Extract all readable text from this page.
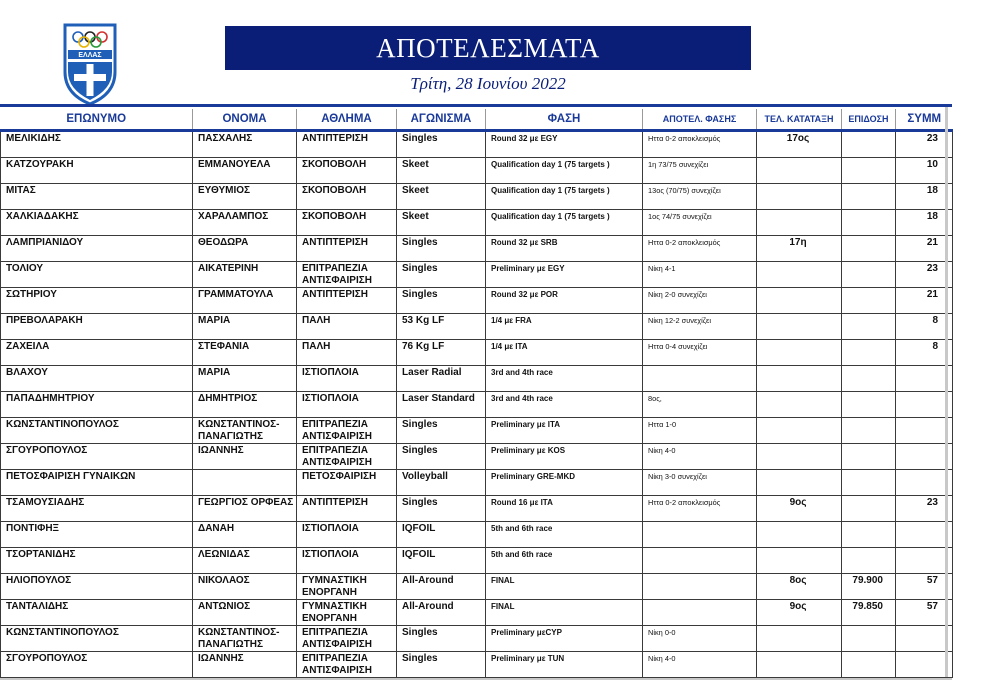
ΕΛΛΑΣ	ΑΠΟΤΕΛΕΣΜΑΤΑ
Τρίτη, 28 Ιουνίου 2022
ΕΠΩΝΥΜΟ	ΟΝΟΜΑ	ΑΘΛΗΜΑ	ΑΓΩΝΙΣΜΑ	ΦΑΣΗ	ΑΠΟΤΕΛ. ΦΑΣΗΣ	ΤΕΛ. ΚΑΤΑΤΑΞΗ	ΕΠΙΔΟΣΗ	ΣΥΜΜ
ΜΕΛΙΚΙΔΗΣ	ΠΑΣΧΑΛΗΣ	ΑΝΤΙΠΤΕΡΙΣΗ	Singles	Round 32 με EGY	Ηττα 0-2 αποκλεισμός	17ος		23
ΚΑΤΖΟΥΡΑΚΗ	ΕΜΜΑΝΟΥΕΛΑ	ΣΚΟΠΟΒΟΛΗ	Skeet	Qualification day 1 (75 targets )	1η 73/75 συνεχίζει			10
ΜΙΤΑΣ	ΕΥΘΥΜΙΟΣ	ΣΚΟΠΟΒΟΛΗ	Skeet	Qualification day 1 (75 targets )	13ος (70/75) συνεχίζει			18
ΧΑΛΚΙΑΔΑΚΗΣ	ΧΑΡΑΛΑΜΠΟΣ	ΣΚΟΠΟΒΟΛΗ	Skeet	Qualification day 1 (75 targets )	1ος 74/75 συνεχίζει			18
ΛΑΜΠΡΙΑΝΙΔΟΥ	ΘΕΟΔΩΡΑ	ΑΝΤΙΠΤΕΡΙΣΗ	Singles	Round 32 με SRB	Ηττα 0-2 αποκλεισμός	17η		21
ΤΟΛΙΟΥ	ΑΙΚΑΤΕΡΙΝΗ	ΕΠΙΤΡΑΠΕΖΙΑ ΑΝΤΙΣΦΑΙΡΙΣΗ	Singles	Preliminary με EGY	Νίκη 4-1			23
ΣΩΤΗΡΙΟΥ	ΓΡΑΜΜΑΤΟΥΛΑ	ΑΝΤΙΠΤΕΡΙΣΗ	Singles	Round 32 με POR	Νίκη 2-0 συνεχίζει			21
ΠΡΕΒΟΛΑΡΑΚΗ	ΜΑΡΙΑ	ΠΑΛΗ	53 Kg LF	1/4 με FRA	Νίκη 12-2 συνεχίζει			8
ΖΑΧΕΙΛΑ	ΣΤΕΦΑΝΙΑ	ΠΑΛΗ	76 Kg LF	1/4 με ITA	Ηττα 0-4 συνεχίζει			8
ΒΛΑΧΟΥ	ΜΑΡΙΑ	ΙΣΤΙΟΠΛΟΙΑ	Laser Radial	3rd and 4th race				
ΠΑΠΑΔΗΜΗΤΡΙΟΥ	ΔΗΜΗΤΡΙΟΣ	ΙΣΤΙΟΠΛΟΙΑ	Laser Standard	3rd and 4th race	8ος,			
ΚΩΝΣΤΑΝΤΙΝΟΠΟΥΛΟΣ	ΚΩΝΣΤΑΝΤΙΝΟΣ-ΠΑΝΑΓΙΩΤΗΣ	ΕΠΙΤΡΑΠΕΖΙΑ ΑΝΤΙΣΦΑΙΡΙΣΗ	Singles	Preliminary με ITA	Ηττα 1-0			
ΣΓΟΥΡΟΠΟΥΛΟΣ	ΙΩΑΝΝΗΣ	ΕΠΙΤΡΑΠΕΖΙΑ ΑΝΤΙΣΦΑΙΡΙΣΗ	Singles	Preliminary με KOS	Νίκη 4-0			
ΠΕΤΟΣΦΑΙΡΙΣΗ ΓΥΝΑΙΚΩΝ		ΠΕΤΟΣΦΑΙΡΙΣΗ	Volleyball	Preliminary GRE-MKD	Νίκη 3-0 συνεχίζει			
ΤΣΑΜΟΥΣΙΑΔΗΣ	ΓΕΩΡΓΙΟΣ ΟΡΦΕΑΣ	ΑΝΤΙΠΤΕΡΙΣΗ	Singles	Round 16 με ITA	Ηττα 0-2 αποκλεισμός	9ος		23
ΠΟΝΤΙΦΗΞ	ΔΑΝΑΗ	ΙΣΤΙΟΠΛΟΙΑ	IQFOIL	5th and 6th race				
ΤΣΟΡΤΑΝΙΔΗΣ	ΛΕΩΝΙΔΑΣ	ΙΣΤΙΟΠΛΟΙΑ	IQFOIL	5th and 6th race				
ΗΛΙΟΠΟΥΛΟΣ	ΝΙΚΟΛΑΟΣ	ΓΥΜΝΑΣΤΙΚΗ ΕΝΟΡΓΑΝΗ	All-Around	FINAL		8ος	79.900	57
ΤΑΝΤΑΛΙΔΗΣ	ΑΝΤΩΝΙΟΣ	ΓΥΜΝΑΣΤΙΚΗ ΕΝΟΡΓΑΝΗ	All-Around	FINAL		9ος	79.850	57
ΚΩΝΣΤΑΝΤΙΝΟΠΟΥΛΟΣ	ΚΩΝΣΤΑΝΤΙΝΟΣ-ΠΑΝΑΓΙΩΤΗΣ	ΕΠΙΤΡΑΠΕΖΙΑ ΑΝΤΙΣΦΑΙΡΙΣΗ	Singles	Preliminary μεCYP	Νίκη 0-0			
ΣΓΟΥΡΟΠΟΥΛΟΣ	ΙΩΑΝΝΗΣ	ΕΠΙΤΡΑΠΕΖΙΑ ΑΝΤΙΣΦΑΙΡΙΣΗ	Singles	Preliminary με TUN	Νίκη 4-0			
